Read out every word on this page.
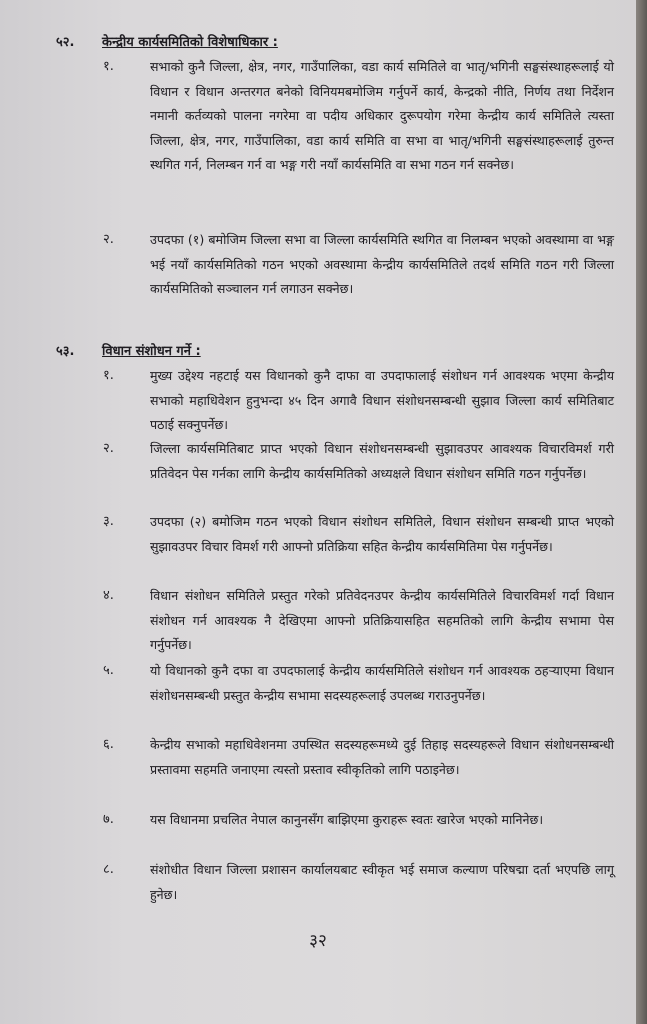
५२. केन्द्रीय कार्यसमितिको विशेषाधिकार :
१.	सभाको कुनै जिल्ला, क्षेत्र, नगर, गाउँपालिका, वडा कार्य समितिले वा भातृ/भगिनी सङ्घसंस्थाहरूलाई यो विधान र विधान अन्तरगत बनेको विनियमबमोजिम गर्नुपर्ने कार्य, केन्द्रको नीति, निर्णय तथा निर्देशन नमानी कर्तव्यको पालना नगरेमा वा पदीय अधिकार दुरूपयोग गरेमा केन्द्रीय कार्य समितिले त्यस्ता जिल्ला, क्षेत्र, नगर, गाउँपालिका, वडा कार्य समिति वा सभा वा भातृ/भगिनी सङ्घसंस्थाहरूलाई तुरुन्त स्थगित गर्न, निलम्बन गर्न वा भङ्ग गरी नयाँ कार्यसमिति वा सभा गठन गर्न सक्नेछ।
२.	उपदफा (१) बमोजिम जिल्ला सभा वा जिल्ला कार्यसमिति स्थगित वा निलम्बन भएको अवस्थामा वा भङ्ग भई नयाँ कार्यसमितिको गठन भएको अवस्थामा केन्द्रीय कार्यसमितिले तदर्थ समिति गठन गरी जिल्ला कार्यसमितिको सञ्चालन गर्न लगाउन सक्नेछ।
५३. विधान संशोधन गर्ने :
१.	मुख्य उद्देश्य नहटाई यस विधानको कुनै दाफा वा उपदाफालाई संशोधन गर्न आवश्यक भएमा केन्द्रीय सभाको महाधिवेशन हुनुभन्दा ४५ दिन अगावै विधान संशोधनसम्बन्धी सुझाव जिल्ला कार्य समितिबाट पठाई सक्नुपर्नेछ।
२.	जिल्ला कार्यसमितिबाट प्राप्त भएको विधान संशोधनसम्बन्धी सुझावउपर आवश्यक विचारविमर्श गरी प्रतिवेदन पेस गर्नका लागि केन्द्रीय कार्यसमितिको अध्यक्षले विधान संशोधन समिति गठन गर्नुपर्नेछ।
३.	उपदफा (२) बमोजिम गठन भएको विधान संशोधन समितिले, विधान संशोधन सम्बन्धी प्राप्त भएको सुझावउपर विचार विमर्श गरी आफ्नो प्रतिक्रिया सहित केन्द्रीय कार्यसमितिमा पेस गर्नुपर्नेछ।
४.	विधान संशोधन समितिले प्रस्तुत गरेको प्रतिवेदनउपर केन्द्रीय कार्यसमितिले विचारविमर्श गर्दा विधान संशोधन गर्न आवश्यक नै देखिएमा आफ्नो प्रतिक्रियासहित सहमतिको लागि केन्द्रीय सभामा पेस गर्नुपर्नेछ।
५.	यो विधानको कुनै दफा वा उपदफालाई केन्द्रीय कार्यसमितिले संशोधन गर्न आवश्यक ठहऱ्याएमा विधान संशोधनसम्बन्धी प्रस्तुत केन्द्रीय सभामा सदस्यहरूलाई उपलब्ध गराउनुपर्नेछ।
६.	केन्द्रीय सभाको महाधिवेशनमा उपस्थित सदस्यहरूमध्ये दुई तिहाइ सदस्यहरूले विधान संशोधनसम्बन्धी प्रस्तावमा सहमति जनाएमा त्यस्तो प्रस्ताव स्वीकृतिको लागि पठाइनेछ।
७.	यस विधानमा प्रचलित नेपाल कानुनसँग बाझिएमा कुराहरू स्वतः खारेज भएको मानिनेछ।
८.	संशोधीत विधान जिल्ला प्रशासन कार्यालयबाट स्वीकृत भई समाज कल्याण परिषद्मा दर्ता भएपछि लागू हुनेछ।
३२
